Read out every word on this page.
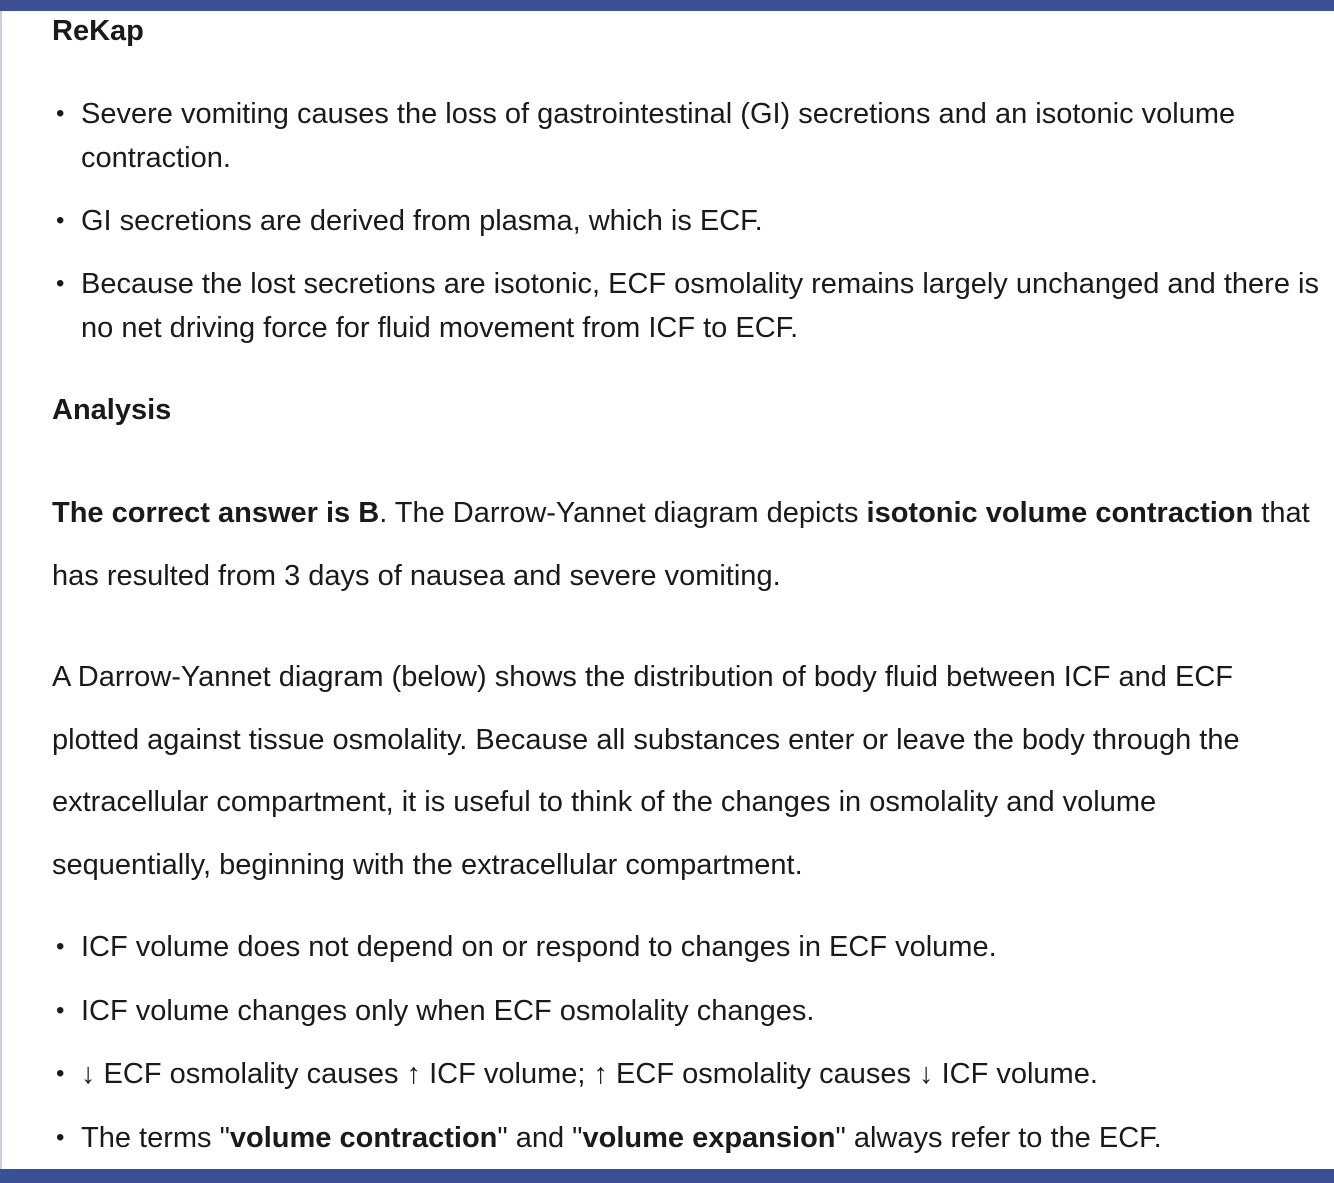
ReKap
• Severe vomiting causes the loss of gastrointestinal (GI) secretions and an isotonic volume contraction.
• GI secretions are derived from plasma, which is ECF.
• Because the lost secretions are isotonic, ECF osmolality remains largely unchanged and there is no net driving force for fluid movement from ICF to ECF.
Analysis

The correct answer is B. The Darrow-Yannet diagram depicts isotonic volume contraction that has resulted from 3 days of nausea and severe vomiting.

A Darrow-Yannet diagram (below) shows the distribution of body fluid between ICF and ECF plotted against tissue osmolality. Because all substances enter or leave the body through the extracellular compartment, it is useful to think of the changes in osmolality and volume sequentially, beginning with the extracellular compartment.

• ICF volume does not depend on or respond to changes in ECF volume.
• ICF volume changes only when ECF osmolality changes.
• ↓ ECF osmolality causes ↑ ICF volume; ↑ ECF osmolality causes ↓ ICF volume.
• The terms "volume contraction" and "volume expansion" always refer to the ECF.
